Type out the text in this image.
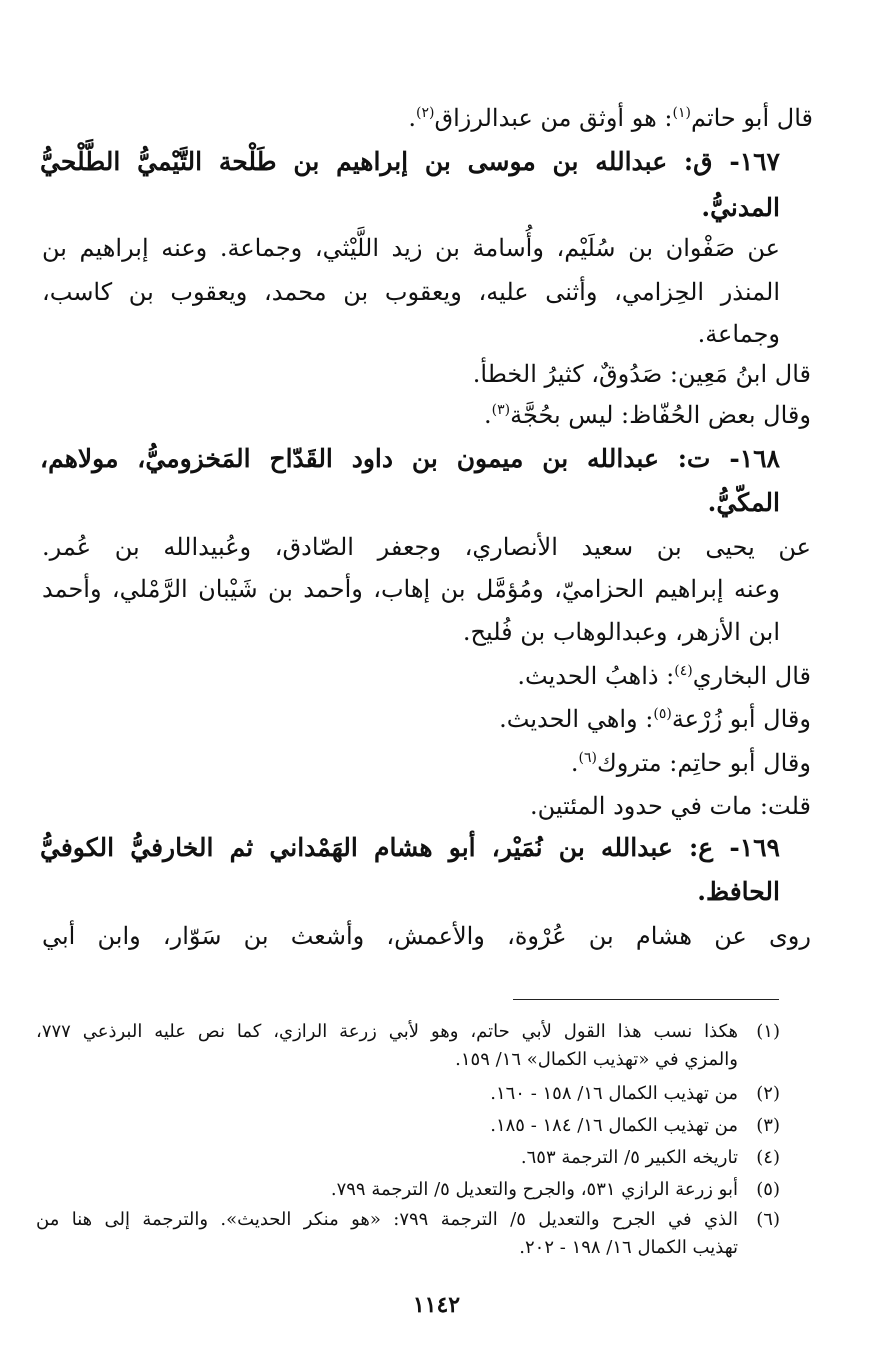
قال أبو حاتم$^{(١)}$: هو أوثق من عبدالرزاق$^{(٢)}$.
١٦٧- ق: عبدالله بن موسى بن إبراهيم بن طَلْحة التَّيْميُّ الطَّلْحيُّ
المدنيُّ.
عن صَفْوان بن سُلَيْم، وأُسامة بن زيد اللَّيْثي، وجماعة. وعنه إبراهيم بن
المنذر الحِزامي، وأثنى عليه، ويعقوب بن محمد، ويعقوب بن كاسب،
وجماعة.
قال ابنُ مَعِين: صَدُوقٌ، كثيرُ الخطأ.
وقال بعض الحُفّاظ: ليس بحُجَّة$^{(٣)}$.
١٦٨- ت: عبدالله بن ميمون بن داود القَدّاح المَخزوميُّ، مولاهم،
المكّيُّ.
عن يحيى بن سعيد الأنصاري، وجعفر الصّادق، وعُبيدالله بن عُمر.
وعنه إبراهيم الحزاميّ، ومُؤمَّل بن إهاب، وأحمد بن شَيْبان الرَّمْلي، وأحمد
ابن الأزهر، وعبدالوهاب بن فُليح.
قال البخاري$^{(٤)}$: ذاهبُ الحديث.
وقال أبو زُرْعة$^{(٥)}$: واهي الحديث.
وقال أبو حاتِم: متروك$^{(٦)}$.
قلت: مات في حدود المئتين.
١٦٩- ع: عبدالله بن نُمَيْر، أبو هشام الهَمْداني ثم الخارفيُّ الكوفيُّ
الحافظ.
روى عن هشام بن عُرْوة، والأعمش، وأشعث بن سَوّار، وابن أبي
(١)هكذا نسب هذا القول لأبي حاتم، وهو لأبي زرعة الرازي، كما نص عليه البرذعي ٧٧٧،
والمزي في «تهذيب الكمال» ١٦/ ١٥٩.
(٢)من تهذيب الكمال ١٦/ ١٥٨ - ١٦٠.
(٣)من تهذيب الكمال ١٦/ ١٨٤ - ١٨٥.
(٤)تاريخه الكبير ٥/ الترجمة ٦٥٣.
(٥)أبو زرعة الرازي ٥٣١، والجرح والتعديل ٥/ الترجمة ٧٩٩.
(٦)الذي في الجرح والتعديل ٥/ الترجمة ٧٩٩: «هو منكر الحديث». والترجمة إلى هنا من
تهذيب الكمال ١٦/ ١٩٨ - ٢٠٢.
١١٤٢
